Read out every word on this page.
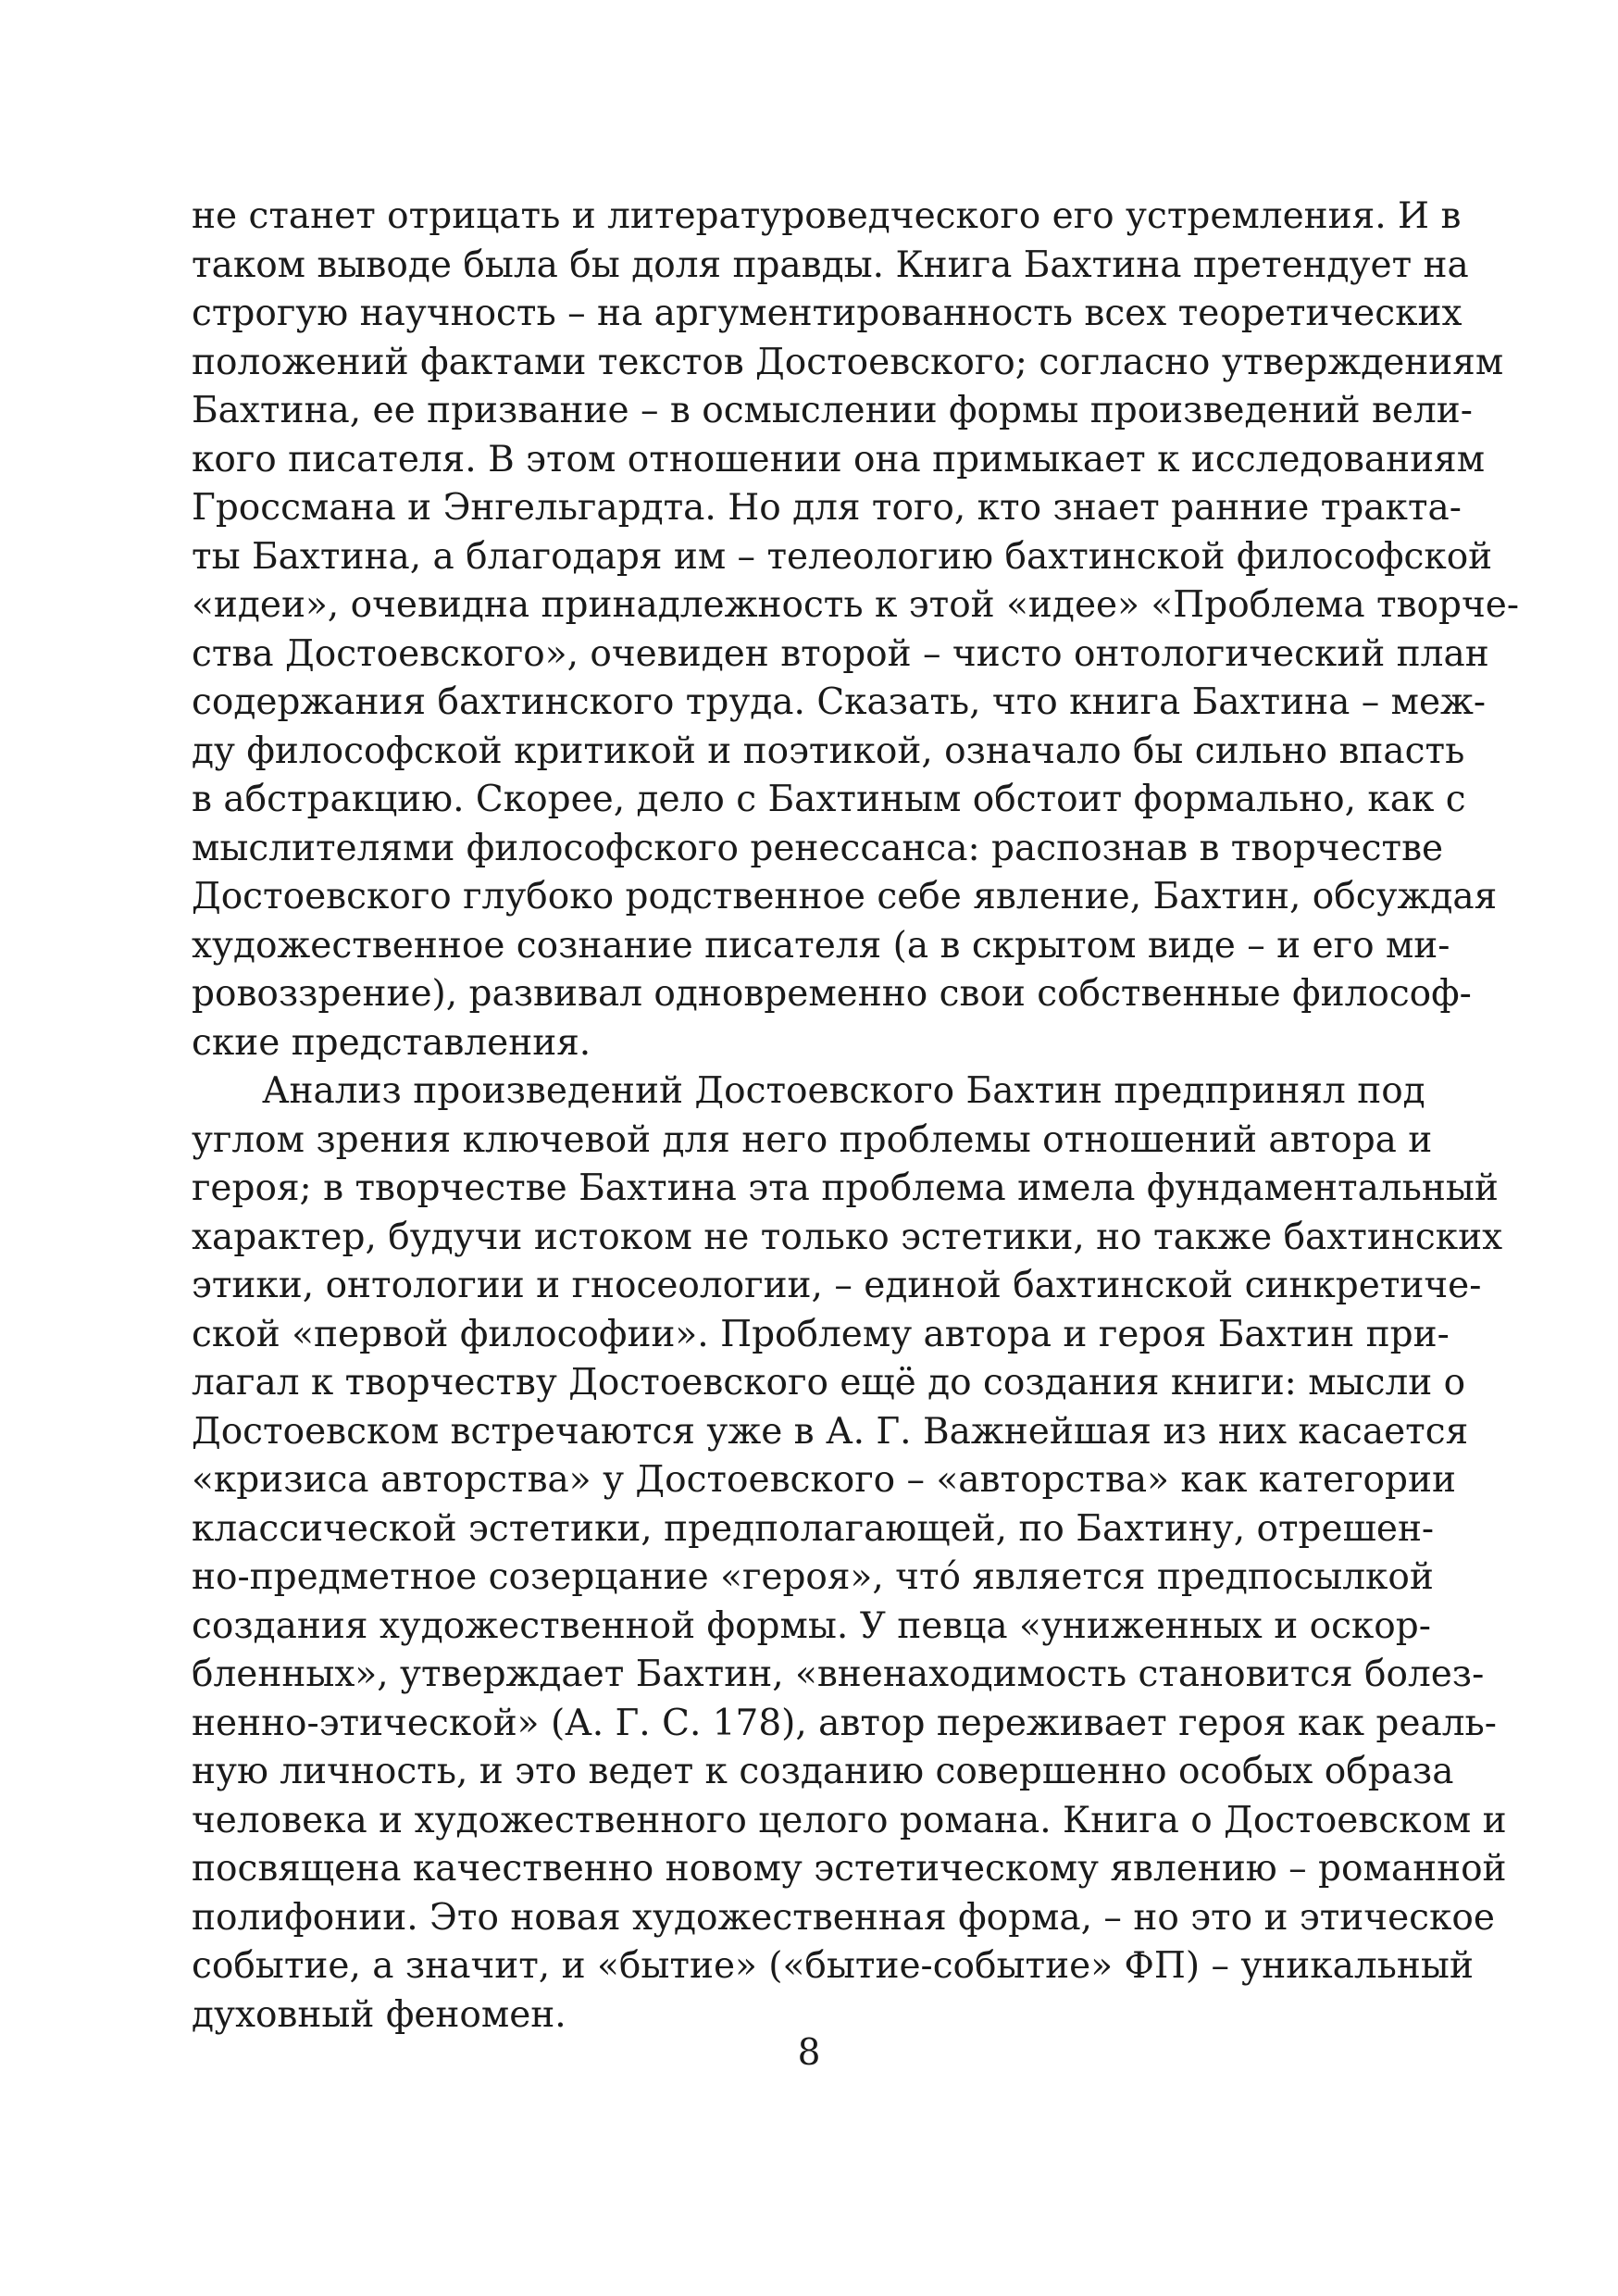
не станет отрицать и литературоведческого его устремления. И в
таком выводе была бы доля правды. Книга Бахтина претендует на
строгую научность – на аргументированность всех теоретических
положений фактами текстов Достоевского; согласно утверждениям
Бахтина, ее призвание – в осмыслении формы произведений вели-
кого писателя. В этом отношении она примыкает к исследованиям
Гроссмана и Энгельгардта. Но для того, кто знает ранние тракта-
ты Бахтина, а благодаря им – телеологию бахтинской философской
«идеи», очевидна принадлежность к этой «идее» «Проблема творче-
ства Достоевского», очевиден второй – чисто онтологический план
содержания бахтинского труда. Сказать, что книга Бахтина – меж-
ду философской критикой и поэтикой, означало бы сильно впасть
в абстракцию. Скорее, дело с Бахтиным обстоит формально, как с
мыслителями философского ренессанса: распознав в творчестве
Достоевского глубоко родственное себе явление, Бахтин, обсуждая
художественное сознание писателя (а в скрытом виде – и его ми-
ровоззрение), развивал одновременно свои собственные философ-
ские представления.
Анализ произведений Достоевского Бахтин предпринял под
углом зрения ключевой для него проблемы отношений автора и
героя; в творчестве Бахтина эта проблема имела фундаментальный
характер, будучи истоком не только эстетики, но также бахтинских
этики, онтологии и гносеологии, – единой бахтинской синкретиче-
ской «первой философии». Проблему автора и героя Бахтин при-
лагал к творчеству Достоевского ещё до создания книги: мысли о
Достоевском встречаются уже в А. Г. Важнейшая из них касается
«кризиса авторства» у Достоевского – «авторства» как категории
классической эстетики, предполагающей, по Бахтину, отрешен-
но-предметное созерцание «героя», чтó является предпосылкой
создания художественной формы. У певца «униженных и оскор-
бленных», утверждает Бахтин, «вненаходимость становится болез-
ненно-этической» (А. Г. С. 178), автор переживает героя как реаль-
ную личность, и это ведет к созданию совершенно особых образа
человека и художественного целого романа. Книга о Достоевском и
посвящена качественно новому эстетическому явлению – романной
полифонии. Это новая художественная форма, – но это и этическое
событие, а значит, и «бытие» («бытие-событие» ФП) – уникальный
духовный феномен.
8
